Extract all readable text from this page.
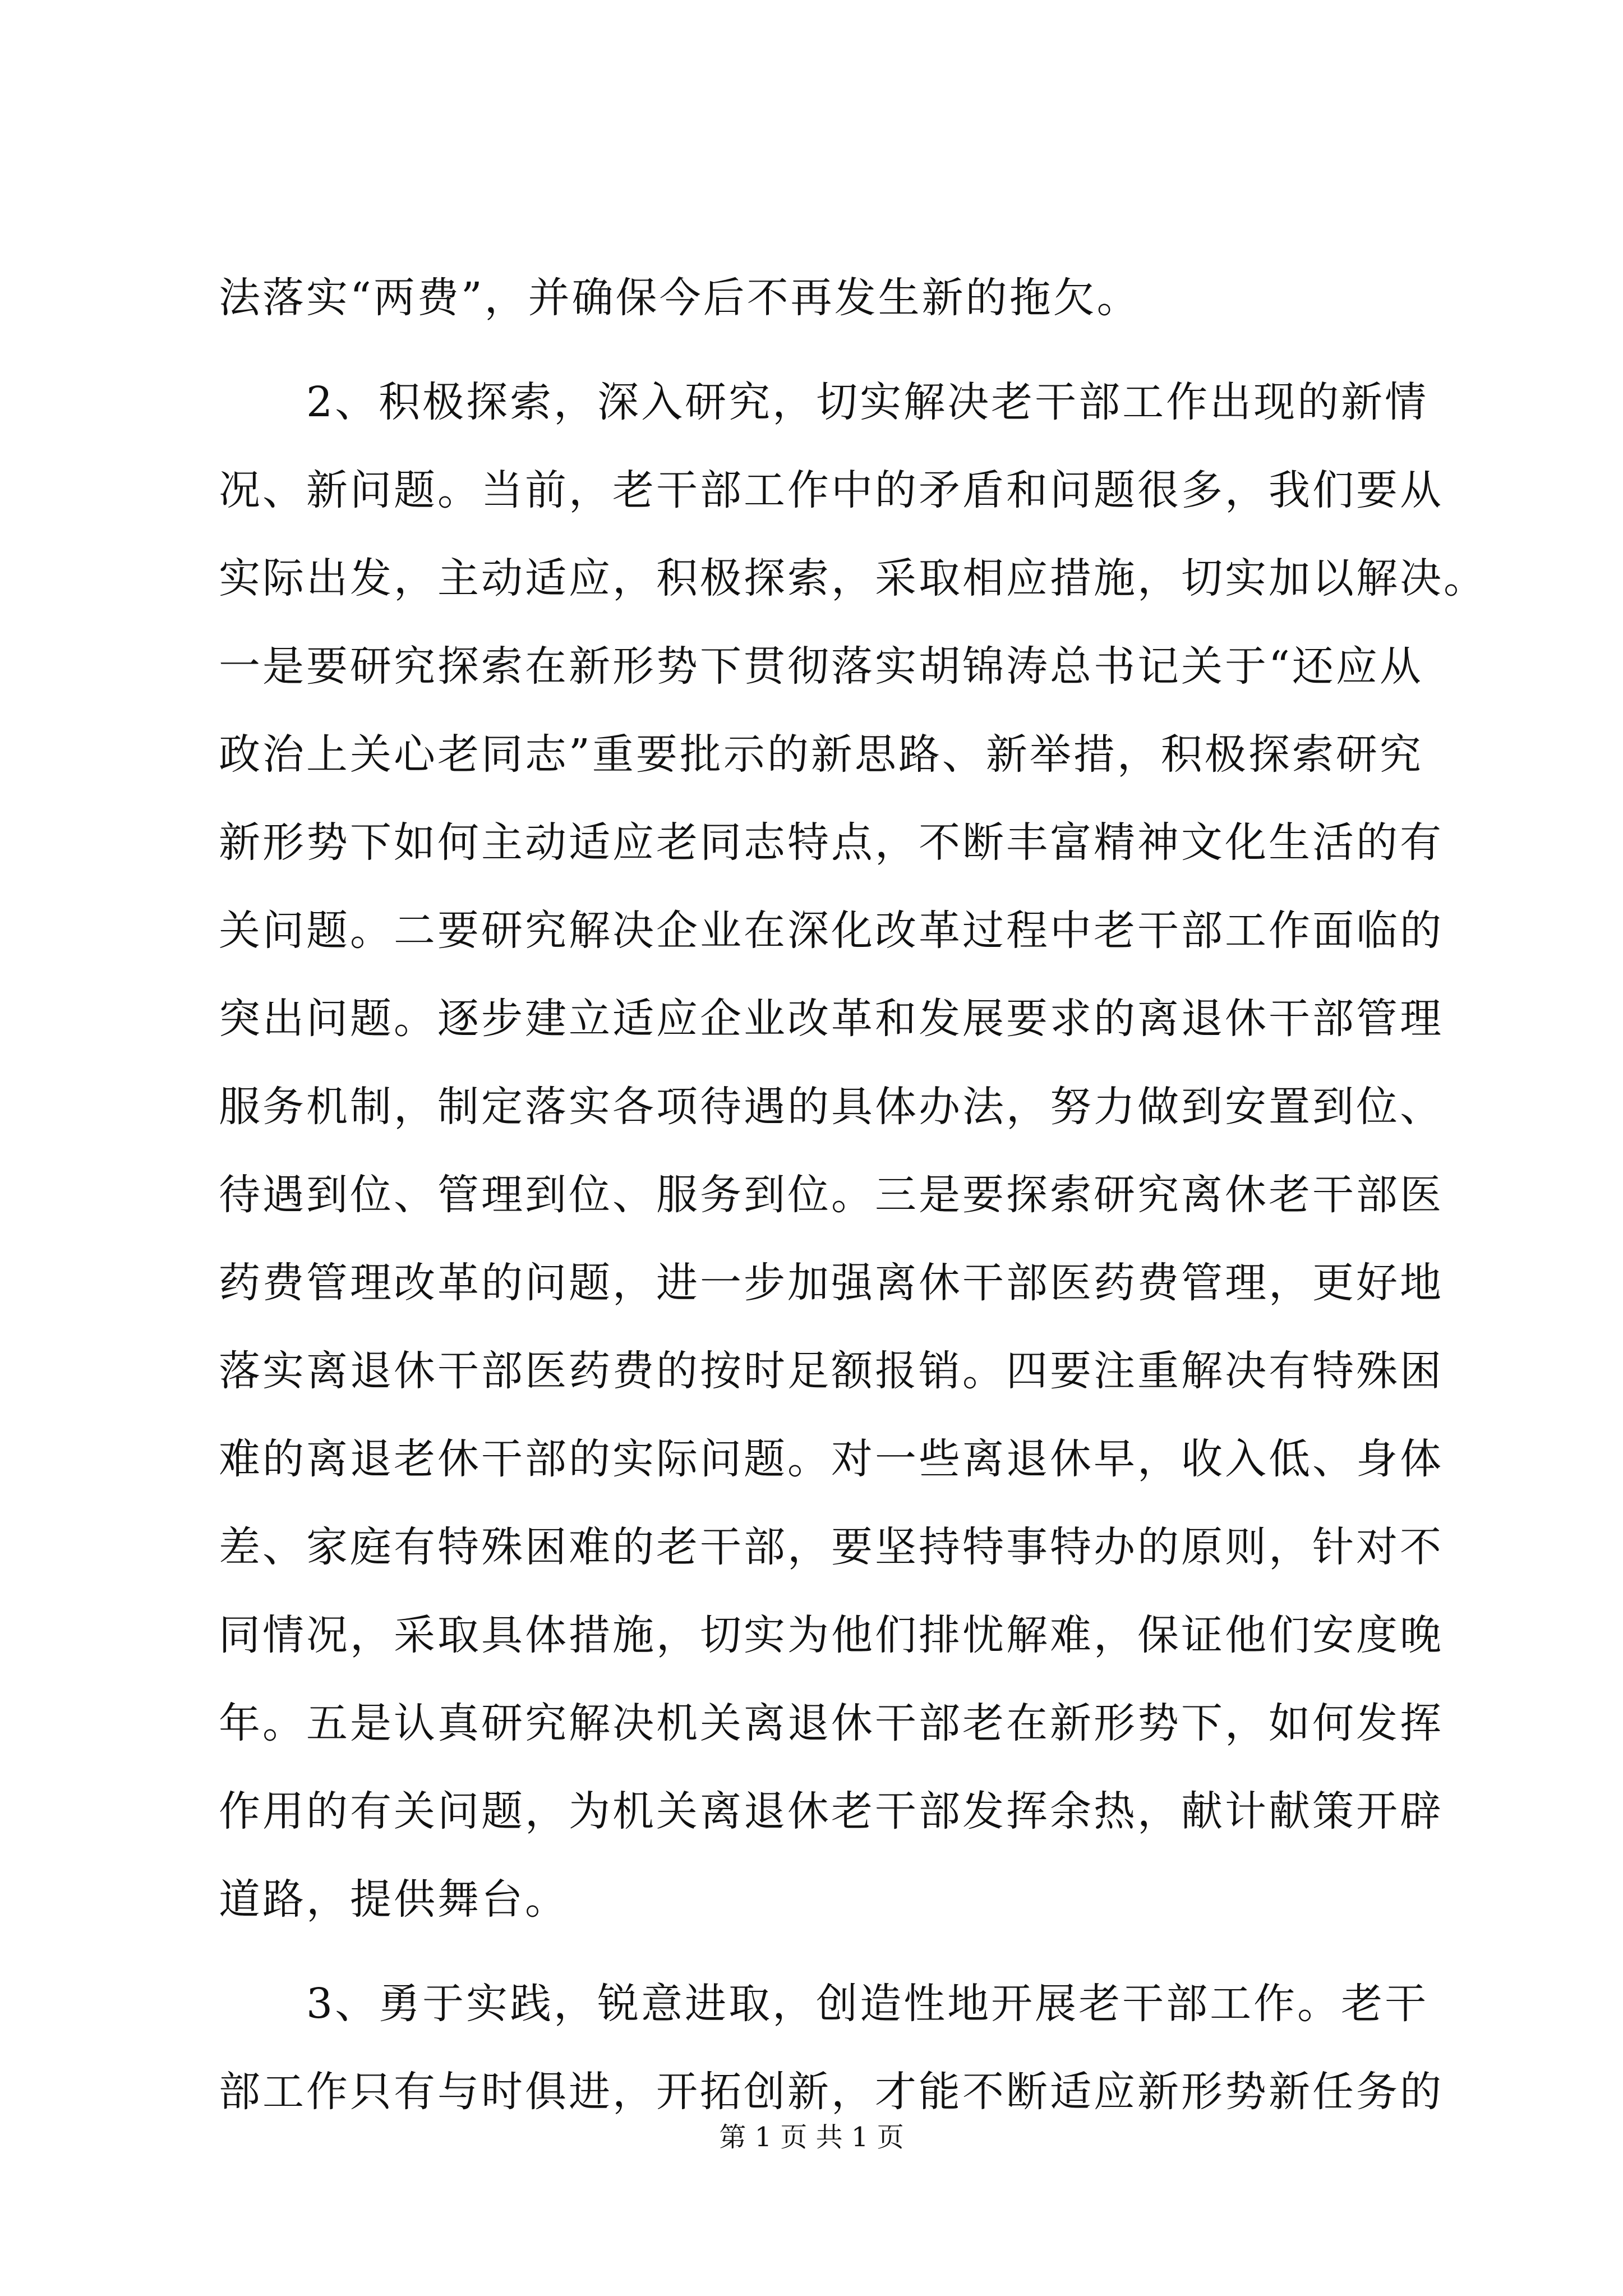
法落实“两费”，并确保今后不再发生新的拖欠。
　　2、积极探索，深入研究，切实解决老干部工作出现的新情
况、新问题。当前，老干部工作中的矛盾和问题很多，我们要从
实际出发，主动适应，积极探索，采取相应措施，切实加以解决。
一是要研究探索在新形势下贯彻落实胡锦涛总书记关于“还应从
政治上关心老同志”重要批示的新思路、新举措，积极探索研究
新形势下如何主动适应老同志特点，不断丰富精神文化生活的有
关问题。二要研究解决企业在深化改革过程中老干部工作面临的
突出问题。逐步建立适应企业改革和发展要求的离退休干部管理
服务机制，制定落实各项待遇的具体办法，努力做到安置到位、
待遇到位、管理到位、服务到位。三是要探索研究离休老干部医
药费管理改革的问题，进一步加强离休干部医药费管理，更好地
落实离退休干部医药费的按时足额报销。四要注重解决有特殊困
难的离退老休干部的实际问题。对一些离退休早，收入低、身体
差、家庭有特殊困难的老干部，要坚持特事特办的原则，针对不
同情况，采取具体措施，切实为他们排忧解难，保证他们安度晚
年。五是认真研究解决机关离退休干部老在新形势下，如何发挥
作用的有关问题，为机关离退休老干部发挥余热，献计献策开辟
道路，提供舞台。
　　3、勇于实践，锐意进取，创造性地开展老干部工作。老干
部工作只有与时俱进，开拓创新，才能不断适应新形势新任务的
第 1 页 共 1 页
